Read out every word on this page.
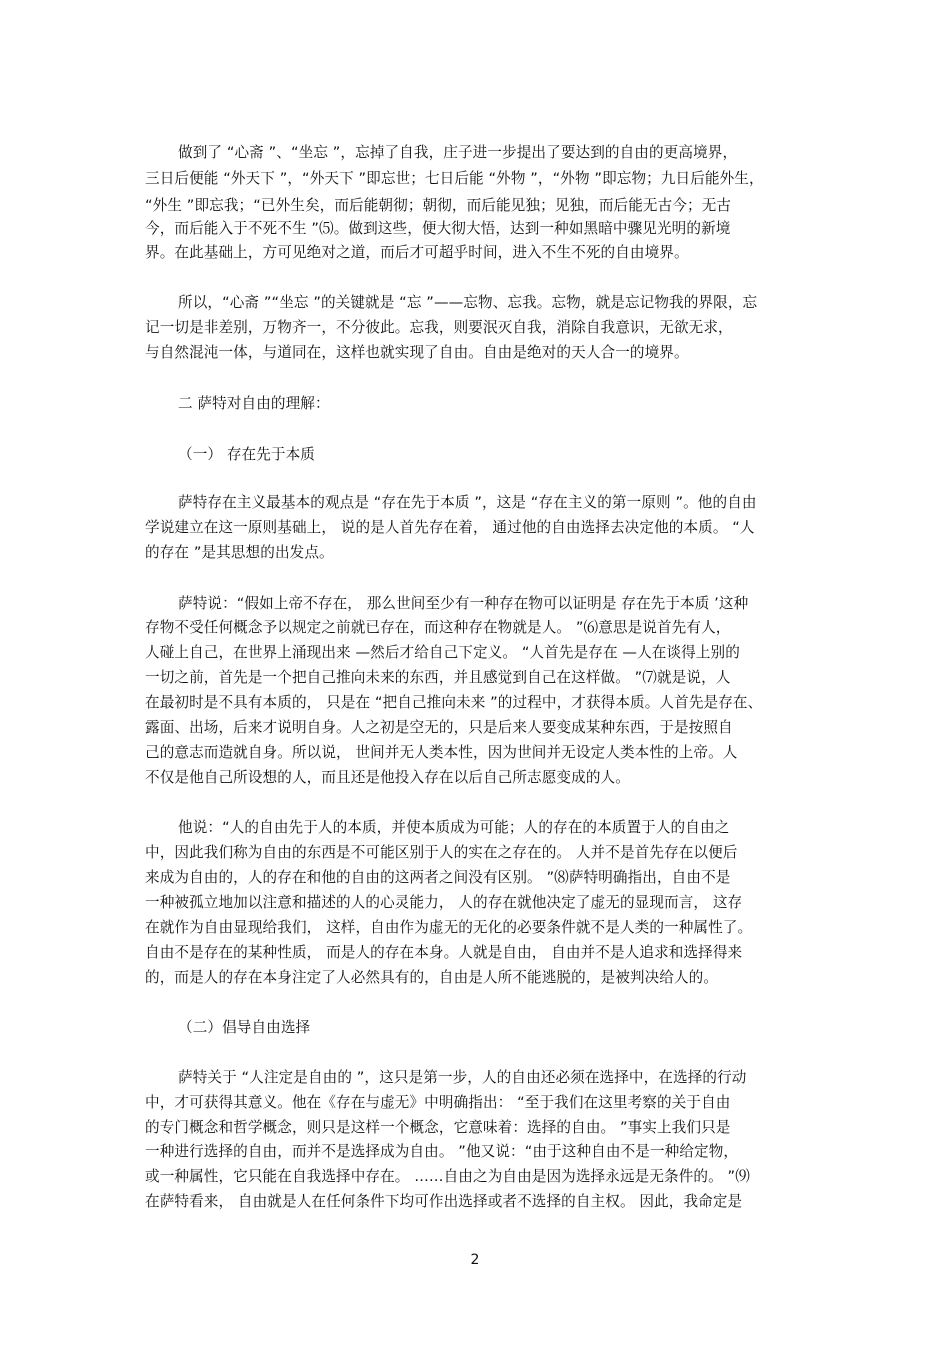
做到了 “心斋 ”、“坐忘 ”，忘掉了自我，庄子进一步提出了要达到的自由的更高境界，
三日后便能 “外天下 ”，“外天下 ”即忘世；七日后能 “外物 ”，“外物 ”即忘物；九日后能外生，
“外生 ”即忘我；“已外生矣，而后能朝彻；朝彻，而后能见独；见独，而后能无古今；无古
今，而后能入于不死不生 ”⑸。做到这些，便大彻大悟，达到一种如黑暗中骤见光明的新境
界。在此基础上，方可见绝对之道，而后才可超乎时间，进入不生不死的自由境界。
所以，“心斋 ”“坐忘 ”的关键就是 “忘 ”——忘物、忘我。忘物，就是忘记物我的界限，忘
记一切是非差别，万物齐一，不分彼此。忘我，则要泯灭自我，消除自我意识，无欲无求，
与自然混沌一体，与道同在，这样也就实现了自由。自由是绝对的天人合一的境界。
二 萨特对自由的理解：
（一） 存在先于本质
萨特存在主义最基本的观点是 “存在先于本质 ”，这是 “存在主义的第一原则 ”。他的自由
学说建立在这一原则基础上， 说的是人首先存在着， 通过他的自由选择去决定他的本质。 “人
的存在 ”是其思想的出发点。
萨特说：“假如上帝不存在， 那么世间至少有一种存在物可以证明是 存在先于本质 ’这种
存物不受任何概念予以规定之前就已存在，而这种存在物就是人。 ”⑹意思是说首先有人，
人碰上自己，在世界上涌现出来 —然后才给自己下定义。 “人首先是存在 —人在谈得上别的
一切之前，首先是一个把自己推向未来的东西，并且感觉到自己在这样做。 ”⑺就是说，人
在最初时是不具有本质的， 只是在 “把自己推向未来 ”的过程中，才获得本质。人首先是存在、
露面、出场，后来才说明自身。人之初是空无的，只是后来人要变成某种东西，于是按照自
己的意志而造就自身。所以说， 世间并无人类本性，因为世间并无设定人类本性的上帝。人
不仅是他自己所设想的人，而且还是他投入存在以后自己所志愿变成的人。
他说：“人的自由先于人的本质，并使本质成为可能；人的存在的本质置于人的自由之
中，因此我们称为自由的东西是不可能区别于人的实在之存在的。 人并不是首先存在以便后
来成为自由的，人的存在和他的自由的这两者之间没有区别。 ”⑻萨特明确指出，自由不是
一种被孤立地加以注意和描述的人的心灵能力， 人的存在就他决定了虚无的显现而言， 这存
在就作为自由显现给我们， 这样，自由作为虚无的无化的必要条件就不是人类的一种属性了。
自由不是存在的某种性质， 而是人的存在本身。人就是自由， 自由并不是人追求和选择得来
的，而是人的存在本身注定了人必然具有的，自由是人所不能逃脱的，是被判决给人的。
（二）倡导自由选择
萨特关于 “人注定是自由的 ”，这只是第一步，人的自由还必须在选择中，在选择的行动
中，才可获得其意义。他在《存在与虚无》中明确指出： “至于我们在这里考察的关于自由
的专门概念和哲学概念，则只是这样一个概念，它意味着：选择的自由。 ”事实上我们只是
一种进行选择的自由，而并不是选择成为自由。 ”他又说：“由于这种自由不是一种给定物，
或一种属性，它只能在自我选择中存在。 ……自由之为自由是因为选择永远是无条件的。 ”⑼
在萨特看来， 自由就是人在任何条件下均可作出选择或者不选择的自主权。 因此，我命定是
2
